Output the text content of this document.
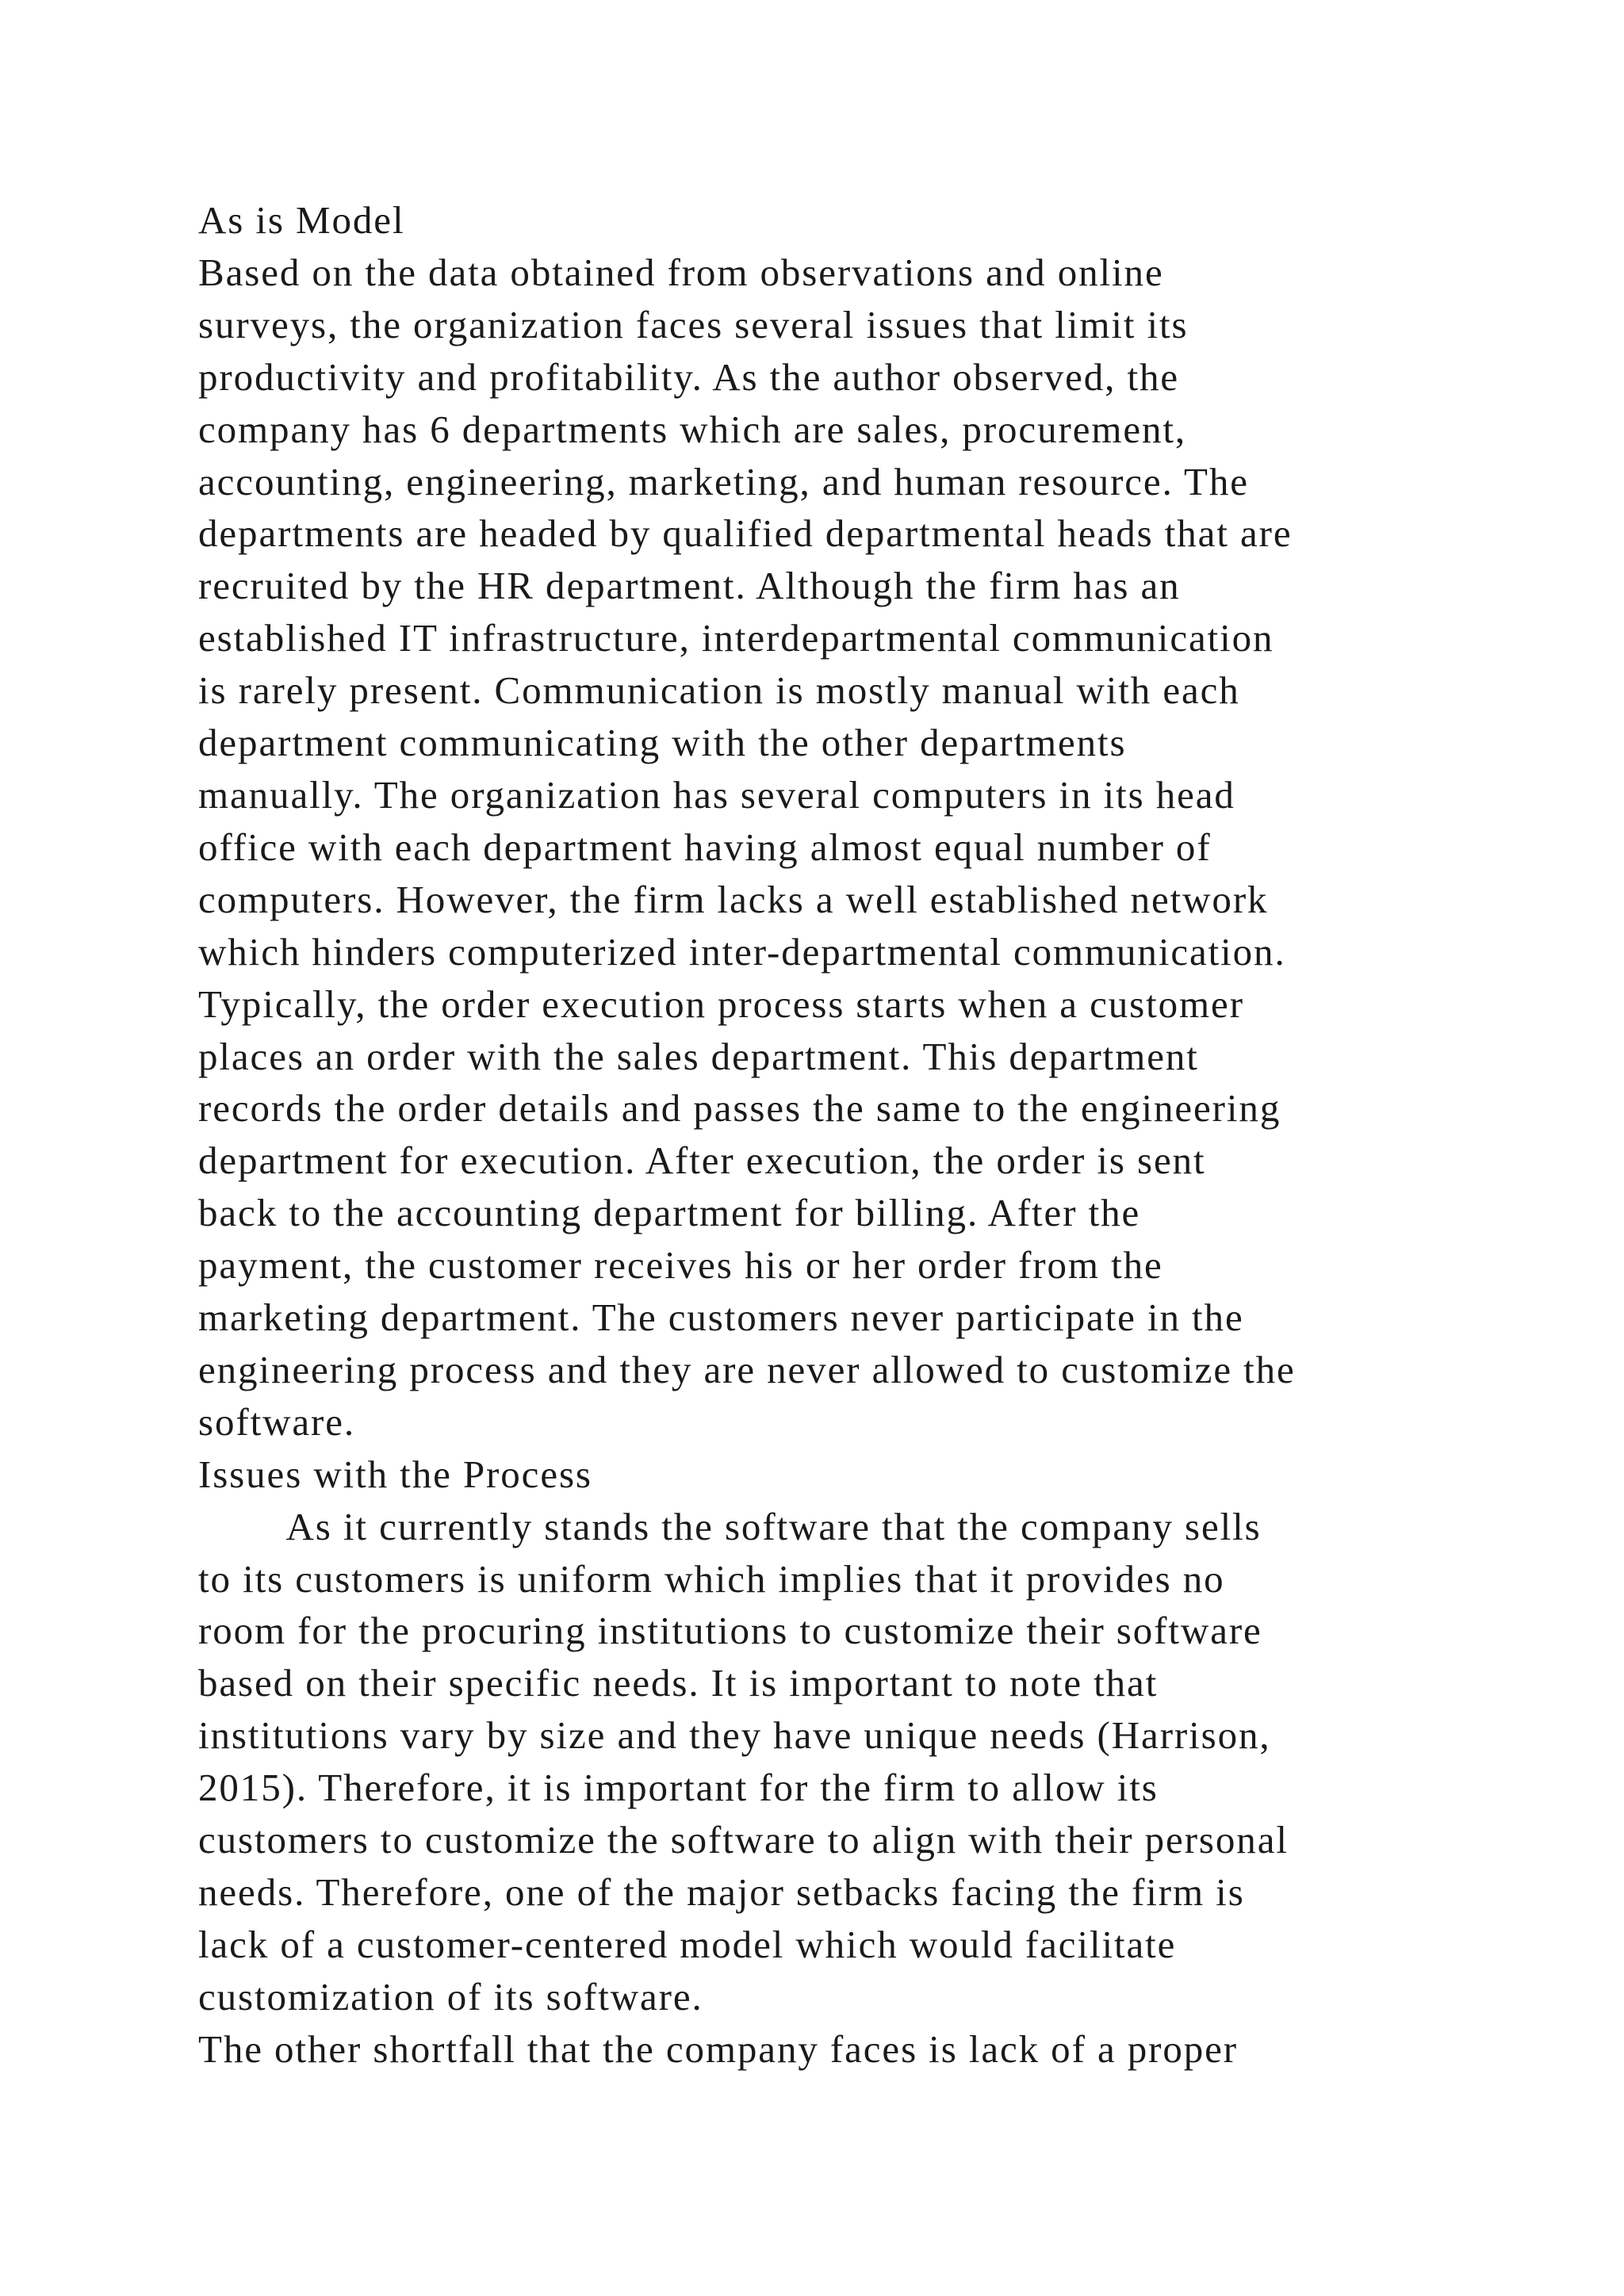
As is Model
Based on the data obtained from observations and online
surveys, the organization faces several issues that limit its
productivity and profitability. As the author observed, the
company has 6 departments which are sales, procurement,
accounting, engineering, marketing, and human resource. The
departments are headed by qualified departmental heads that are
recruited by the HR department. Although the firm has an
established IT infrastructure, interdepartmental communication
is rarely present. Communication is mostly manual with each
department communicating with the other departments
manually. The organization has several computers in its head
office with each department having almost equal number of
computers. However, the firm lacks a well established network
which hinders computerized inter-departmental communication.
Typically, the order execution process starts when a customer
places an order with the sales department. This department
records the order details and passes the same to the engineering
department for execution. After execution, the order is sent
back to the accounting department for billing. After the
payment, the customer receives his or her order from the
marketing department. The customers never participate in the
engineering process and they are never allowed to customize the
software.
Issues with the Process
As it currently stands the software that the company sells
to its customers is uniform which implies that it provides no
room for the procuring institutions to customize their software
based on their specific needs. It is important to note that
institutions vary by size and they have unique needs (Harrison,
2015). Therefore, it is important for the firm to allow its
customers to customize the software to align with their personal
needs. Therefore, one of the major setbacks facing the firm is
lack of a customer-centered model which would facilitate
customization of its software.
The other shortfall that the company faces is lack of a proper
